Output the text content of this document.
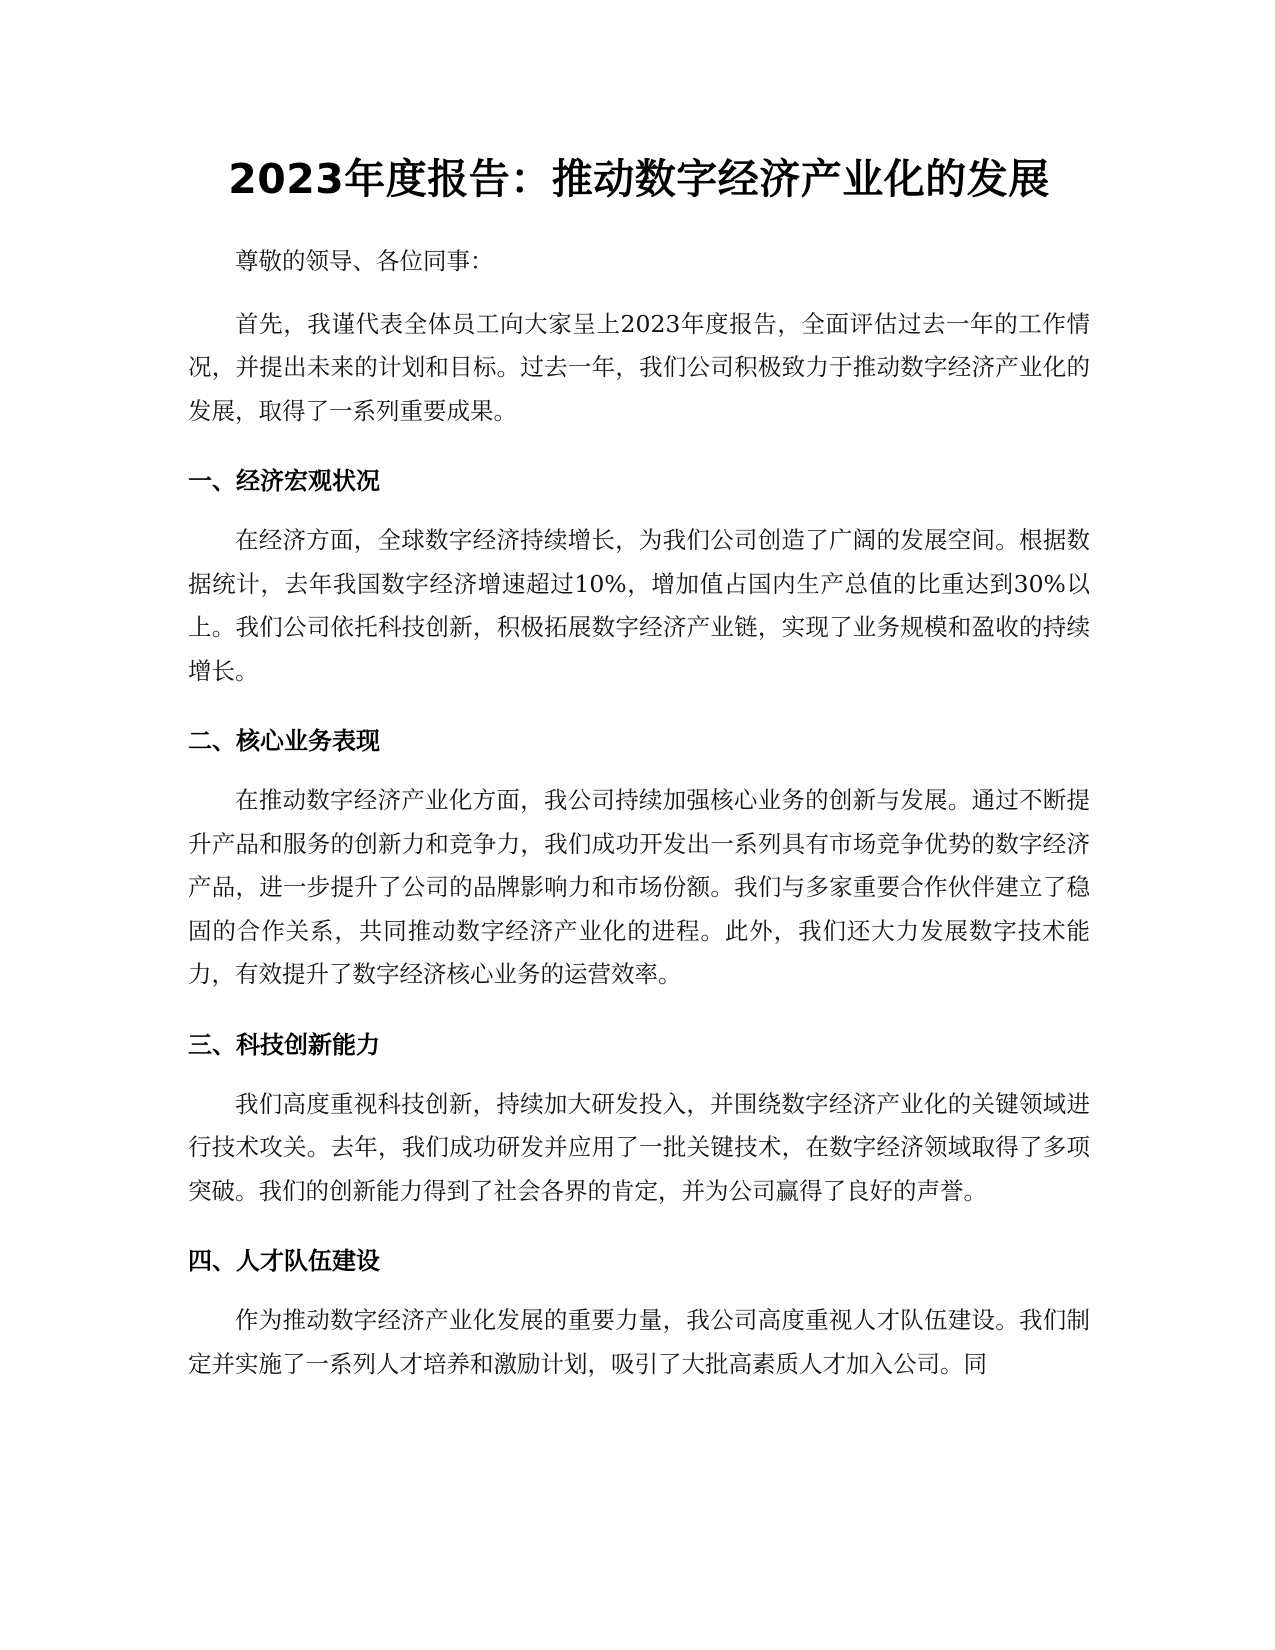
2023年度报告：推动数字经济产业化的发展

尊敬的领导、各位同事：

首先，我谨代表全体员工向大家呈上2023年度报告，全面评估过去一年的工作情况，并提出未来的计划和目标。过去一年，我们公司积极致力于推动数字经济产业化的发展，取得了一系列重要成果。

一、经济宏观状况

在经济方面，全球数字经济持续增长，为我们公司创造了广阔的发展空间。根据数据统计，去年我国数字经济增速超过10%，增加值占国内生产总值的比重达到30%以上。我们公司依托科技创新，积极拓展数字经济产业链，实现了业务规模和盈收的持续增长。

二、核心业务表现

在推动数字经济产业化方面，我公司持续加强核心业务的创新与发展。通过不断提升产品和服务的创新力和竞争力，我们成功开发出一系列具有市场竞争优势的数字经济产品，进一步提升了公司的品牌影响力和市场份额。我们与多家重要合作伙伴建立了稳固的合作关系，共同推动数字经济产业化的进程。此外，我们还大力发展数字技术能力，有效提升了数字经济核心业务的运营效率。

三、科技创新能力

我们高度重视科技创新，持续加大研发投入，并围绕数字经济产业化的关键领域进行技术攻关。去年，我们成功研发并应用了一批关键技术，在数字经济领域取得了多项突破。我们的创新能力得到了社会各界的肯定，并为公司赢得了良好的声誉。

四、人才队伍建设

作为推动数字经济产业化发展的重要力量，我公司高度重视人才队伍建设。我们制定并实施了一系列人才培养和激励计划，吸引了大批高素质人才加入公司。同
